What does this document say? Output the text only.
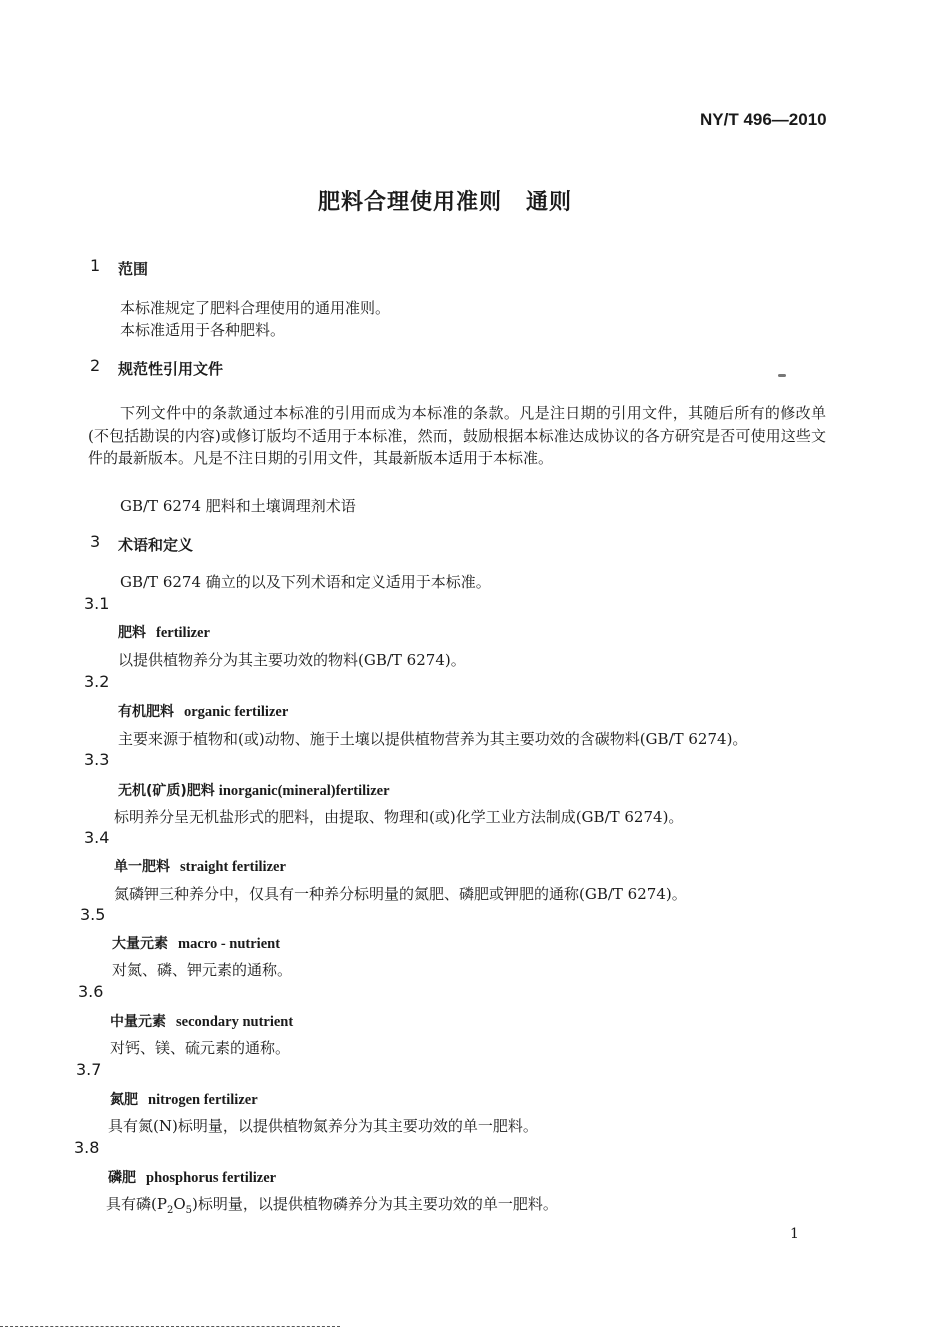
NY/T 496—2010
肥料合理使用准则 通则
1 范围
本标准规定了肥料合理使用的通用准则。
本标准适用于各种肥料。
2 规范性引用文件
下列文件中的条款通过本标准的引用而成为本标准的条款。凡是注日期的引用文件，其随后所有的修改单(不包括勘误的内容)或修订版均不适用于本标准，然而，鼓励根据本标准达成协议的各方研究是否可使用这些文件的最新版本。凡是不注日期的引用文件，其最新版本适用于本标准。
GB/T 6274 肥料和土壤调理剂术语
3 术语和定义
GB/T 6274 确立的以及下列术语和定义适用于本标准。
3.1
肥料 fertilizer
以提供植物养分为其主要功效的物料(GB/T 6274)。
3.2
有机肥料 organic fertilizer
主要来源于植物和(或)动物、施于土壤以提供植物营养为其主要功效的含碳物料(GB/T 6274)。
3.3
无机(矿质)肥料 inorganic(mineral)fertilizer
标明养分呈无机盐形式的肥料，由提取、物理和(或)化学工业方法制成(GB/T 6274)。
3.4
单一肥料 straight fertilizer
氮磷钾三种养分中，仅具有一种养分标明量的氮肥、磷肥或钾肥的通称(GB/T 6274)。
3.5
大量元素 macro - nutrient
对氮、磷、钾元素的通称。
3.6
中量元素 secondary nutrient
对钙、镁、硫元素的通称。
3.7
氮肥 nitrogen fertilizer
具有氮(N)标明量，以提供植物氮养分为其主要功效的单一肥料。
3.8
磷肥 phosphorus fertilizer
具有磷$(P_2O_5)$标明量，以提供植物磷养分为其主要功效的单一肥料。
1
